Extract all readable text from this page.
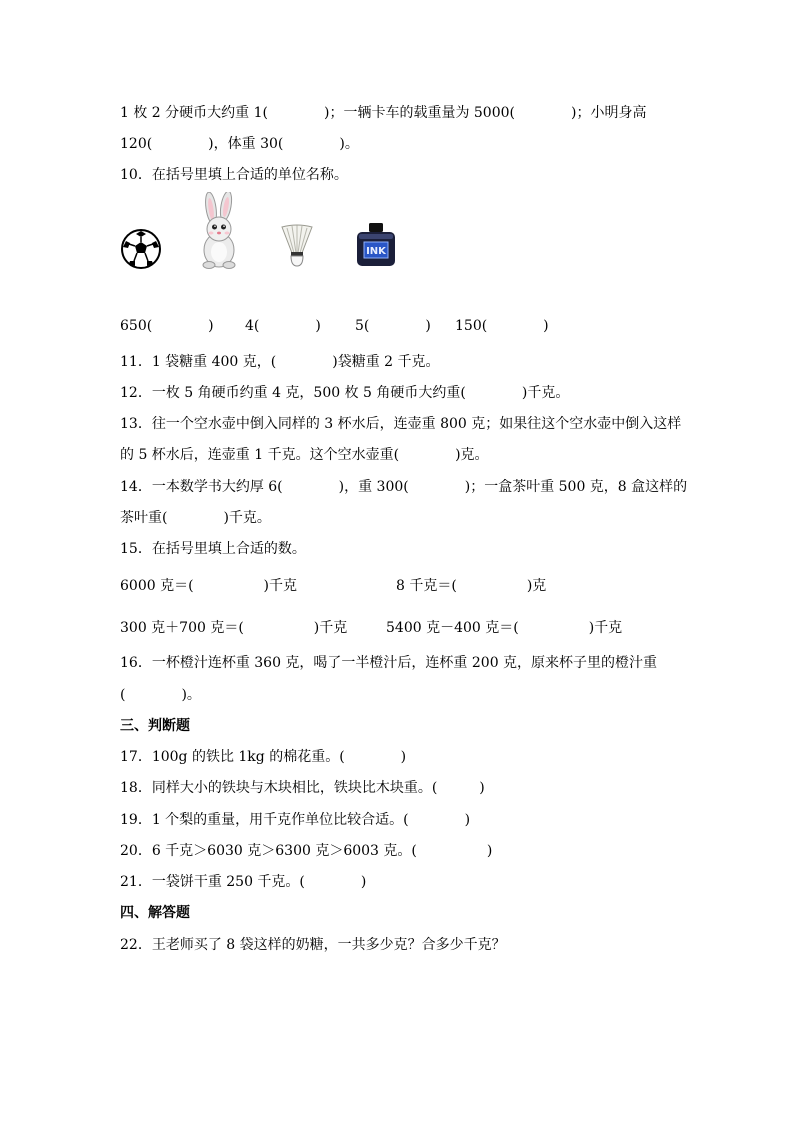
1 枚 2 分硬币大约重 1(　　　　)；一辆卡车的载重量为 5000(　　　　)；小明身高
120(　　　　)，体重 30(　　　　)。
10．在括号里填上合适的单位名称。
INK
650(　　　　) 4(　　　　) 5(　　　　) 150(　　　　)
11．1 袋糖重 400 克，(　　　　)袋糖重 2 千克。
12．一枚 5 角硬币约重 4 克，500 枚 5 角硬币大约重(　　　　)千克。
13．往一个空水壶中倒入同样的 3 杯水后，连壶重 800 克；如果往这个空水壶中倒入这样
的 5 杯水后，连壶重 1 千克。这个空水壶重(　　　　)克。
14．一本数学书大约厚 6(　　　　)，重 300(　　　　)；一盒茶叶重 500 克，8 盒这样的
茶叶重(　　　　)千克。
15．在括号里填上合适的数。
6000 克＝(　　　　　)千克	8 千克＝(　　　　　)克
300 克＋700 克＝(　　　　　)千克	5400 克－400 克＝(　　　　　)千克
16．一杯橙汁连杯重 360 克，喝了一半橙汁后，连杯重 200 克，原来杯子里的橙汁重
(　　　　)。
三、判断题
17．100g 的铁比 1kg 的棉花重。(　　　　)
18．同样大小的铁块与木块相比，铁块比木块重。(　　　)
19．1 个梨的重量，用千克作单位比较合适。(　　　　)
20．6 千克＞6030 克＞6300 克＞6003 克。(　　　　　)
21．一袋饼干重 250 千克。(　　　　)
四、解答题
22．王老师买了 8 袋这样的奶糖，一共多少克？合多少千克？
